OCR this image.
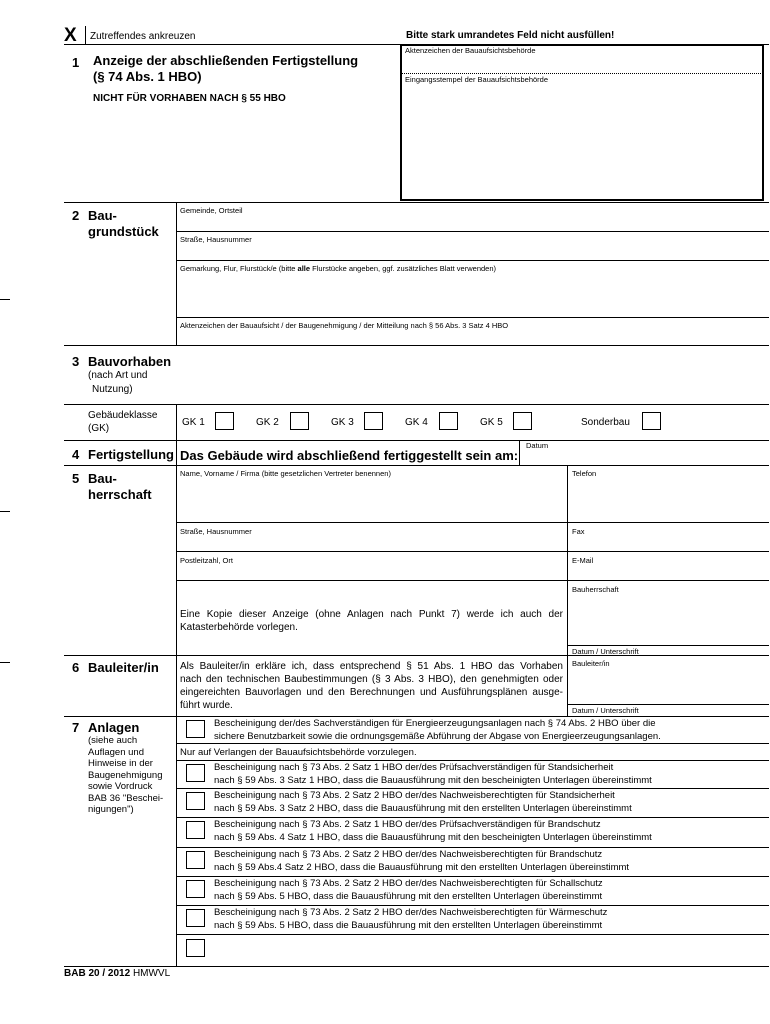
X Zutreffendes ankreuzen	Bitte stark umrandetes Feld nicht ausfüllen!
Aktenzeichen der Bauaufsichtsbehörde
Eingangsstempel der Bauaufsichtsbehörde
1 Anzeige der abschließenden Fertigstellung
(§ 74 Abs. 1 HBO)
NICHT FÜR VORHABEN NACH § 55 HBO
2 Bau-
grundstück
Gemeinde, Ortsteil
Straße, Hausnummer
Gemarkung, Flur, Flurstück/e (bitte alle Flurstücke angeben, ggf. zusätzliches Blatt verwenden)
Aktenzeichen der Bauaufsicht / der Baugenehmigung / der Mitteilung nach § 56 Abs. 3 Satz 4 HBO
3 Bauvorhaben
(nach Art und
Nutzung)
Gebäudeklasse
(GK)
GK 1	GK 2	GK 3	GK 4	GK 5	Sonderbau
4 Fertigstellung Das Gebäude wird abschließend fertiggestellt sein am:
Datum
5 Bau-
herrschaft
Name, Vorname / Firma (bitte gesetzlichen Vertreter benennen)	Telefon
Straße, Hausnummer	Fax
Postleitzahl, Ort	E-Mail
Bauherrschaft
Eine Kopie dieser Anzeige (ohne Anlagen nach Punkt 7) werde ich auch der
Katasterbehörde vorlegen.
Datum / Unterschrift
6 Bauleiter/in Als Bauleiter/in erkläre ich, dass entsprechend § 51 Abs. 1 HBO das Vorhaben
nach den technischen Baubestimmungen (§ 3 Abs. 3 HBO), den genehmigten oder
eingereichten Bauvorlagen und den Berechnungen und Ausführungsplänen ausge-
führt wurde.
Bauleiter/in
Datum / Unterschrift
7 Anlagen
(siehe auch
Auflagen und
Hinweise in der
Baugenehmigung
sowie Vordruck
BAB 36 "Beschei-
nigungen")
Bescheinigung der/des Sachverständigen für Energieerzeugungsanlagen nach § 74 Abs. 2 HBO über die
sichere Benutzbarkeit sowie die ordnungsgemäße Abführung der Abgase von Energieerzeugungsanlagen.
Nur auf Verlangen der Bauaufsichtsbehörde vorzulegen.
Bescheinigung nach § 73 Abs. 2 Satz 1 HBO der/des Prüfsachverständigen für Standsicherheit
nach § 59 Abs. 3 Satz 1 HBO, dass die Bauausführung mit den bescheinigten Unterlagen übereinstimmt
Bescheinigung nach § 73 Abs. 2 Satz 2 HBO der/des Nachweisberechtigten für Standsicherheit
nach § 59 Abs. 3 Satz 2 HBO, dass die Bauausführung mit den erstellten Unterlagen übereinstimmt
Bescheinigung nach § 73 Abs. 2 Satz 1 HBO der/des Prüfsachverständigen für Brandschutz
nach § 59 Abs. 4 Satz 1 HBO, dass die Bauausführung mit den bescheinigten Unterlagen übereinstimmt
Bescheinigung nach § 73 Abs. 2 Satz 2 HBO der/des Nachweisberechtigten für Brandschutz
nach § 59 Abs.4 Satz 2 HBO, dass die Bauausführung mit den erstellten Unterlagen übereinstimmt
Bescheinigung nach § 73 Abs. 2 Satz 2 HBO der/des Nachweisberechtigten für Schallschutz
nach § 59 Abs. 5 HBO, dass die Bauausführung mit den erstellten Unterlagen übereinstimmt
Bescheinigung nach § 73 Abs. 2 Satz 2 HBO der/des Nachweisberechtigten für Wärmeschutz
nach § 59 Abs. 5 HBO, dass die Bauausführung mit den erstellten Unterlagen übereinstimmt
BAB 20 / 2012 HMWVL
